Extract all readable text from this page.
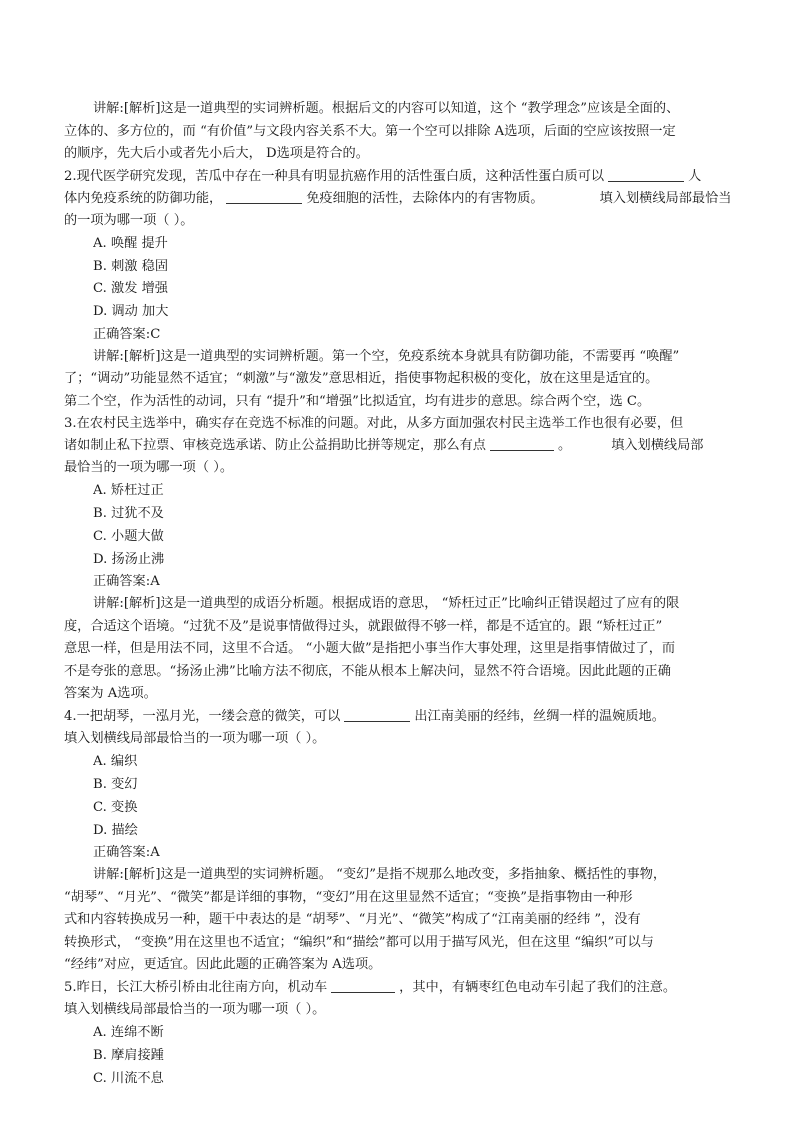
讲解:[解析]这是一道典型的实词辨析题。根据后文的内容可以知道，这个 “教学理念”应该是全面的、
立体的、多方位的，而 “有价值”与文段内容关系不大。第一个空可以排除 A选项，后面的空应该按照一定
的顺序，先大后小或者先小后大， D选项是符合的。
2.现代医学研究发现，苦瓜中存在一种具有明显抗癌作用的活性蛋白质，这种活性蛋白质可以	人
体内免疫系统的防御功能，	免疫细胞的活性，去除体内的有害物质。	填入划横线局部最恰当
的一项为哪一项（ ）。
A. 唤醒 提升
B. 刺激 稳固
C. 激发 增强
D. 调动 加大
正确答案:C
讲解:[解析]这是一道典型的实词辨析题。第一个空，免疫系统本身就具有防御功能，不需要再 “唤醒”
了；“调动”功能显然不适宜；“刺激”与“激发”意思相近，指使事物起积极的变化，放在这里是适宜的。
第二个空，作为活性的动词，只有 “提升”和“增强”比拟适宜，均有进步的意思。综合两个空，选 C。
3.在农村民主选举中，确实存在竞选不标准的问题。对此，从多方面加强农村民主选举工作也很有必要，但
诸如制止私下拉票、审核竞选承诺、防止公益捐助比拼等规定，那么有点	。	填入划横线局部
最恰当的一项为哪一项（ ）。
A. 矫枉过正
B. 过犹不及
C. 小题大做
D. 扬汤止沸
正确答案:A
讲解:[解析]这是一道典型的成语分析题。根据成语的意思， “矫枉过正”比喻纠正错误超过了应有的限
度，合适这个语境。“过犹不及”是说事情做得过头，就跟做得不够一样，都是不适宜的。跟 “矫枉过正”
意思一样，但是用法不同，这里不合适。 “小题大做”是指把小事当作大事处理，这里是指事情做过了，而
不是夸张的意思。“扬汤止沸”比喻方法不彻底，不能从根本上解决问，显然不符合语境。因此此题的正确
答案为 A选项。
4.一把胡琴，一泓月光，一缕会意的微笑，可以	出江南美丽的经纬，丝绸一样的温婉质地。
填入划横线局部最恰当的一项为哪一项（ ）。
A. 编织
B. 变幻
C. 变换
D. 描绘
正确答案:A
讲解:[解析]这是一道典型的实词辨析题。 “变幻”是指不规那么地改变，多指抽象、概括性的事物，
“胡琴”、“月光”、“微笑”都是详细的事物，“变幻”用在这里显然不适宜；“变换”是指事物由一种形
式和内容转换成另一种，题干中表达的是 “胡琴”、“月光”、“微笑”构成了“江南美丽的经纬 ”，没有
转换形式， “变换”用在这里也不适宜；“编织”和“描绘”都可以用于描写风光，但在这里 “编织”可以与
“经纬”对应，更适宜。因此此题的正确答案为 A选项。
5.昨日，长江大桥引桥由北往南方向，机动车	，其中，有辆枣红色电动车引起了我们的注意。
填入划横线局部最恰当的一项为哪一项（ ）。
A. 连绵不断
B. 摩肩接踵
C. 川流不息
